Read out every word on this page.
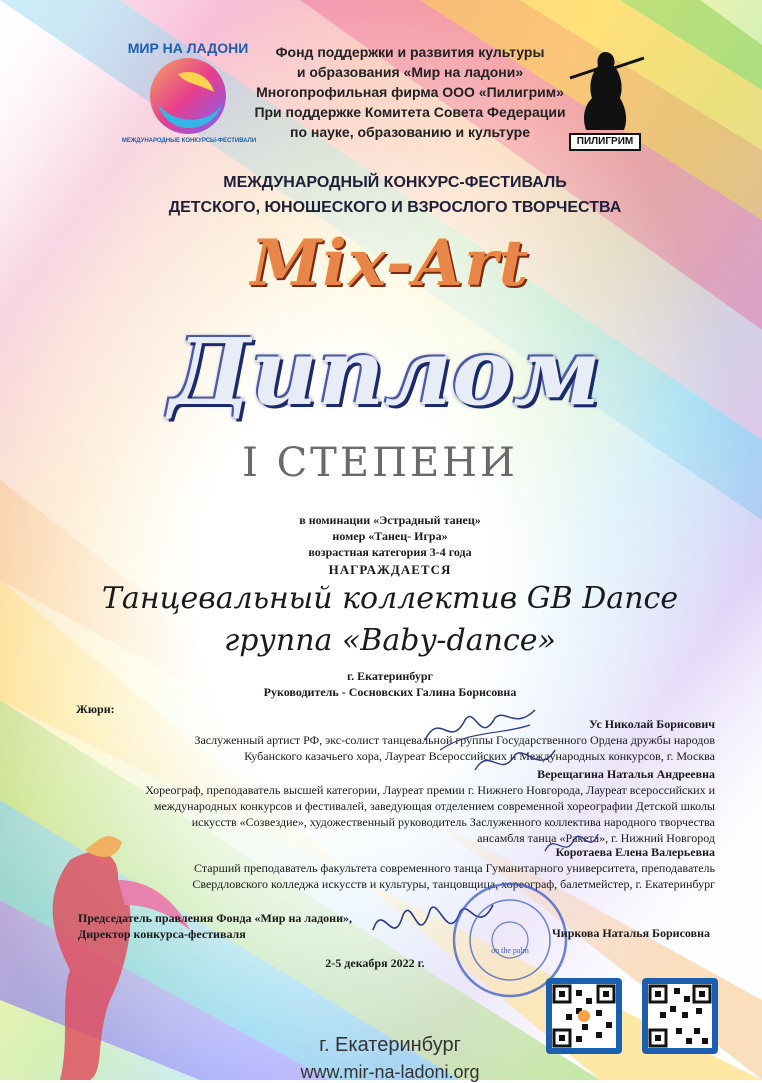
МИР НА ЛАДОНИ
МЕЖДУНАРОДНЫЕ КОНКУРСЫ-ФЕСТИВАЛИ
Фонд поддержки и развития культуры
и образования «Мир на ладони»
Многопрофильная фирма ООО «Пилигрим»
При поддержке Комитета Совета Федерации
по науке, образованию и культуре
ПИЛИГРИМ
МЕЖДУНАРОДНЫЙ КОНКУРС-ФЕСТИВАЛЬ
ДЕТСКОГО, ЮНОШЕСКОГО И ВЗРОСЛОГО ТВОРЧЕСТВА
Mix-Art
Диплом
I СТЕПЕНИ
в номинации «Эстрадный танец»
номер «Танец- Игра»
возрастная категория 3-4 года
НАГРАЖДАЕТСЯ
Танцевальный коллектив GB Dance
группа «Baby-dance»
г. Екатеринбург
Руководитель - Сосновских Галина Борисовна
Жюри:
Ус Николай Борисович
Заслуженный артист РФ, экс-солист танцевальной группы Государственного Ордена дружбы народов
Кубанского казачьего хора, Лауреат Всероссийских и Международных конкурсов, г. Москва
Верещагина Наталья Андреевна
Хореограф, преподаватель высшей категории, Лауреат премии г. Нижнего Новгорода, Лауреат всероссийских и
международных конкурсов и фестивалей, заведующая отделением современной хореографии Детской школы
искусств «Созвездие», художественный руководитель Заслуженного коллектива народного творчества
ансамбля танца «Ракета», г. Нижний Новгород
Коротаева Елена Валерьевна
Старший преподаватель факультета современного танца Гуманитарного университета, преподаватель
Свердловского колледжа искусств и культуры, танцовщица, хореограф, балетмейстер, г. Екатеринбург
on the palm
Председатель правления Фонда «Мир на ладони»,
Директор конкурса-фестиваля	Чиркова Наталья Борисовна
2-5 декабря 2022 г.
г. Екатеринбург
www.mir-na-ladoni.org
